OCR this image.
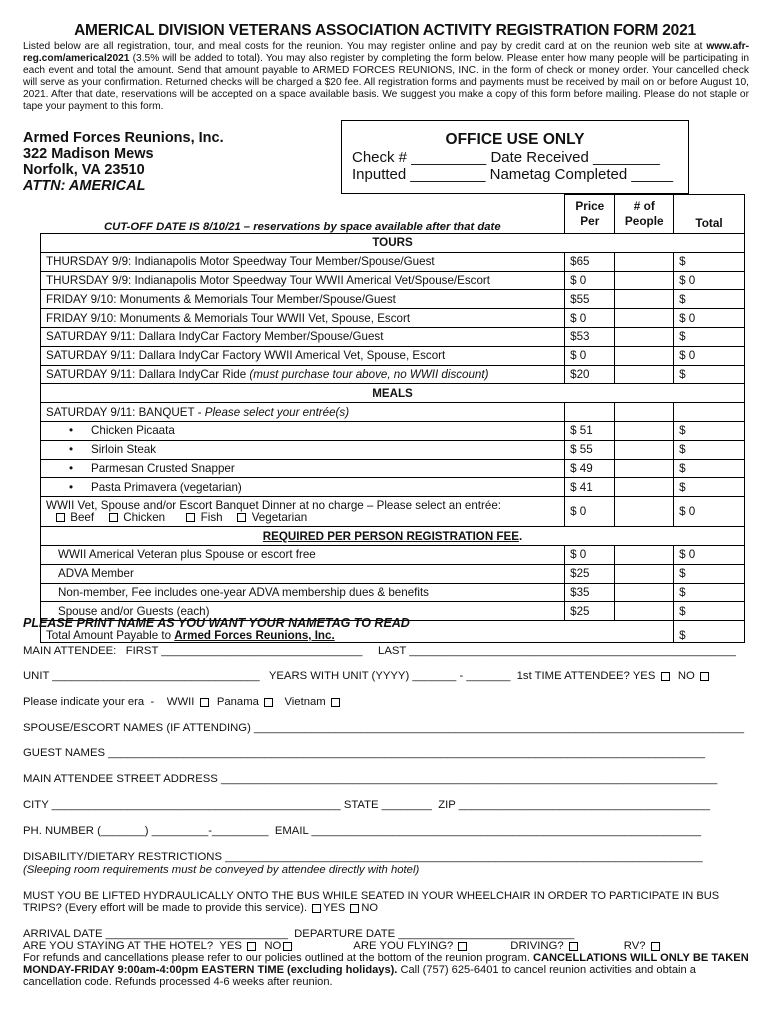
AMERICAL DIVISION VETERANS ASSOCIATION ACTIVITY REGISTRATION FORM 2021
Listed below are all registration, tour, and meal costs for the reunion. You may register online and pay by credit card at on the reunion web site at www.afr-reg.com/americal2021 (3.5% will be added to total). You may also register by completing the form below. Please enter how many people will be participating in each event and total the amount. Send that amount payable to ARMED FORCES REUNIONS, INC. in the form of check or money order. Your cancelled check will serve as your confirmation. Returned checks will be charged a $20 fee. All registration forms and payments must be received by mail on or before August 10, 2021. After that date, reservations will be accepted on a space available basis. We suggest you make a copy of this form before mailing. Please do not staple or tape your payment to this form.
Armed Forces Reunions, Inc.
322 Madison Mews
Norfolk, VA 23510
ATTN: AMERICAL
OFFICE USE ONLY
Check # _________ Date Received ________
Inputted _________ Nametag Completed _____
CUT-OFF DATE IS 8/10/21 – reservations by space available after that date	Price Per	# of People	Total
TOURS			
THURSDAY 9/9: Indianapolis Motor Speedway Tour Member/Spouse/Guest	$65		$
THURSDAY 9/9: Indianapolis Motor Speedway Tour WWII Americal Vet/Spouse/Escort	$ 0		$ 0
FRIDAY 9/10: Monuments & Memorials Tour Member/Spouse/Guest	$55		$
FRIDAY 9/10: Monuments & Memorials Tour WWII Vet, Spouse, Escort	$ 0		$ 0
SATURDAY 9/11: Dallara IndyCar Factory Member/Spouse/Guest	$53		$
SATURDAY 9/11: Dallara IndyCar Factory WWII Americal Vet, Spouse, Escort	$ 0		$ 0
SATURDAY 9/11: Dallara IndyCar Ride (must purchase tour above, no WWII discount)	$20		$
MEALS			
SATURDAY 9/11: BANQUET - Please select your entrée(s)			
• Chicken Picaata	$ 51		$
• Sirloin Steak	$ 55		$
• Parmesan Crusted Snapper	$ 49		$
• Pasta Primavera (vegetarian)	$ 41		$

WWII Vet, Spouse and/or Escort Banquet Dinner at no charge – Please select an entrée:
Beef Chicken Fish Vegetarian	$ 0		$ 0
REQUIRED PER PERSON REGISTRATION FEE.			
WWII Americal Veteran plus Spouse or escort free	$ 0		$ 0
ADVA Member	$25		$
Non-member, Fee includes one-year ADVA membership dues & benefits	$35		$
Spouse and/or Guests (each)	$25		$
Total Amount Payable to Armed Forces Reunions, Inc.			$
PLEASE PRINT NAME AS YOU WANT YOUR NAMETAG TO READ
MAIN ATTENDEE:   FIRST ________________________________     LAST ____________________________________________________
UNIT _________________________________   YEARS WITH UNIT (YYYY) _______ - _______  1st TIME ATTENDEE? YES NO
Please indicate your era  -    WWII Panama Vietnam
SPOUSE/ESCORT NAMES (IF ATTENDING) ______________________________________________________________________________
GUEST NAMES _______________________________________________________________________________________________
MAIN ATTENDEE STREET ADDRESS _______________________________________________________________________________
CITY ______________________________________________ STATE ________  ZIP ________________________________________
PH. NUMBER (_______) _________-_________  EMAIL ______________________________________________________________
DISABILITY/DIETARY RESTRICTIONS ____________________________________________________________________________
(Sleeping room requirements must be conveyed by attendee directly with hotel)
MUST YOU BE LIFTED HYDRAULICALLY ONTO THE BUS WHILE SEATED IN YOUR WHEELCHAIR IN ORDER TO PARTICIPATE IN BUS TRIPS? (Every effort will be made to provide this service). YES NO
ARRIVAL DATE _____________________________  DEPARTURE DATE ____________________________
ARE YOU STAYING AT THE HOTEL?  YES NO	ARE YOU FLYING?	DRIVING?	RV?
For refunds and cancellations please refer to our policies outlined at the bottom of the reunion program. CANCELLATIONS WILL ONLY BE TAKEN MONDAY-FRIDAY 9:00am-4:00pm EASTERN TIME (excluding holidays). Call (757) 625-6401 to cancel reunion activities and obtain a cancellation code. Refunds processed 4-6 weeks after reunion.
